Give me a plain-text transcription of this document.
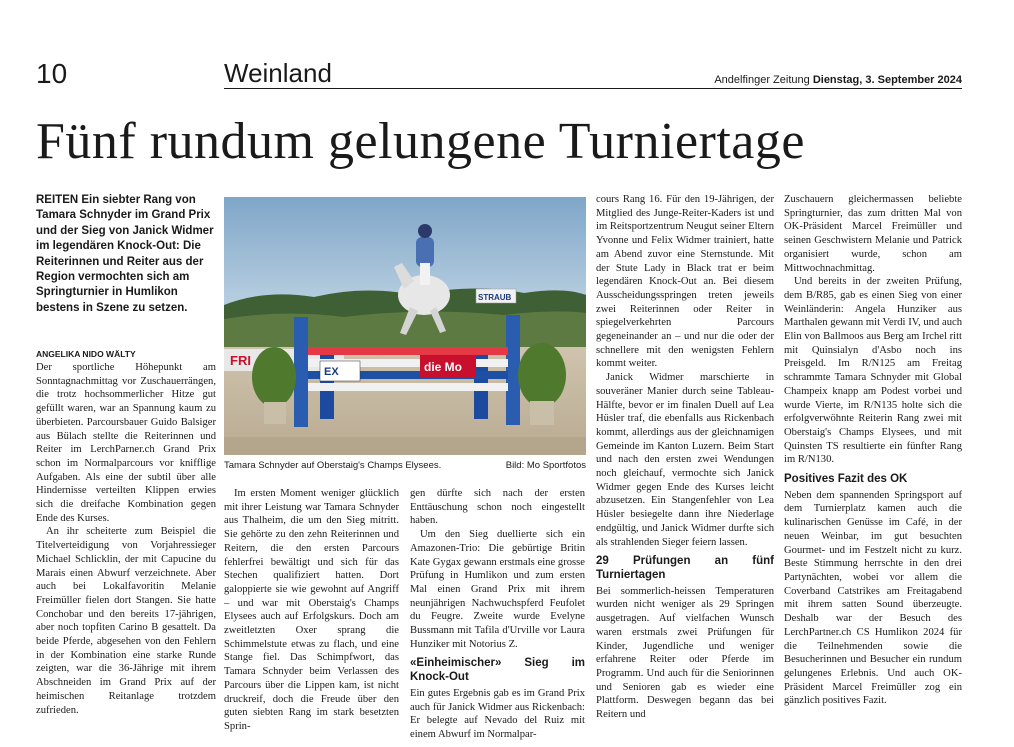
10	Weinland	Andelfinger Zeitung Dienstag, 3. September 2024
Fünf rundum gelungene Turniertage
REITEN Ein siebter Rang von Tamara Schnyder im Grand Prix und der Sieg von Janick Widmer im legendären Knock-Out: Die Reiterinnen und Reiter aus der Region vermochten sich am Springturnier in Humlikon bestens in Szene zu setzen.
ANGELIKA NIDO WÄLTY

Der sportliche Höhepunkt am Sonntagnachmittag vor Zuschauerrängen, die trotz hochsommerlicher Hitze gut gefüllt waren, war an Spannung kaum zu überbieten. Parcoursbauer Guido Balsiger aus Bülach stellte die Reiterinnen und Reiter im LerchParner.ch Grand Prix schon im Normalparcours vor knifflige Aufgaben. Als eine der subtil über alle Hindernisse verteilten Klippen erwies sich die dreifache Kombination gegen Ende des Kurses.

An ihr scheiterte zum Beispiel die Titelverteidigung von Vorjahressieger Michael Schlicklin, der mit Capucine du Marais einen Abwurf verzeichnete. Aber auch bei Lokalfavoritin Melanie Freimüller fielen dort Stangen. Sie hatte Conchobar und den bereits 17-jährigen, aber noch topfiten Carino B gesattelt. Da beide Pferde, abgesehen von den Fehlern in der Kombination eine starke Runde zeigten, war die 36-Jährige mit ihrem Abschneiden im Grand Prix auf der heimischen Reitanlage trotzdem zufrieden.

FRI
EX	die Mo
STRAUB
Tamara Schnyder auf Oberstaig's Champs Elysees.	Bild: Mo Sportfotos

Im ersten Moment weniger glücklich mit ihrer Leistung war Tamara Schnyder aus Thalheim, die um den Sieg mitritt. Sie gehörte zu den zehn Reiterinnen und Reitern, die den ersten Parcours fehlerfrei bewältigt und sich für das Stechen qualifiziert hatten. Dort galoppierte sie wie gewohnt auf Angriff – und war mit Oberstaig's Champs Elysees auch auf Erfolgskurs. Doch am zweitletzten Oxer sprang die Schimmelstute etwas zu flach, und eine Stange fiel. Das Schimpfwort, das Tamara Schnyder beim Verlassen des Parcours über die Lippen kam, ist nicht druckreif, doch die Freude über den guten siebten Rang im stark besetzten Sprin-

gen dürfte sich nach der ersten Enttäuschung schon noch eingestellt haben.

Um den Sieg duellierte sich ein Amazonen-Trio: Die gebürtige Britin Kate Gygax gewann erstmals eine grosse Prüfung in Humlikon und zum ersten Mal einen Grand Prix mit ihrem neunjährigen Nachwuchspferd Feufolet du Feugre. Zweite wurde Evelyne Bussmann mit Tafila d'Urville vor Laura Hunziker mit Notorius Z.

«Einheimischer» Sieg im Knock-Out

Ein gutes Ergebnis gab es im Grand Prix auch für Janick Widmer aus Rickenbach: Er belegte auf Nevado del Ruiz mit einem Abwurf im Normalpar-

cours Rang 16. Für den 19-Jährigen, der Mitglied des Junge-Reiter-Kaders ist und im Reitsportzentrum Neugut seiner Eltern Yvonne und Felix Widmer trainiert, hatte am Abend zuvor eine Sternstunde. Mit der Stute Lady in Black trat er beim legendären Knock-Out an. Bei diesem Ausscheidungsspringen treten jeweils zwei Reiterinnen oder Reiter in spiegelverkehrten Parcours gegeneinander an – und nur die oder der schnellere mit den wenigsten Fehlern kommt weiter.

Janick Widmer marschierte in souveräner Manier durch seine Tableau-Hälfte, bevor er im finalen Duell auf Lea Hüsler traf, die ebenfalls aus Rickenbach kommt, allerdings aus der gleichnamigen Gemeinde im Kanton Luzern. Beim Start und nach den ersten zwei Wendungen noch gleichauf, vermochte sich Janick Widmer gegen Ende des Kurses leicht abzusetzen. Ein Stangenfehler von Lea Hüsler besiegelte dann ihre Niederlage endgültig, und Janick Widmer durfte sich als strahlenden Sieger feiern lassen.

29 Prüfungen an fünf Turniertagen

Bei sommerlich-heissen Temperaturen wurden nicht weniger als 29 Springen ausgetragen. Auf vielfachen Wunsch waren erstmals zwei Prüfungen für Kinder, Jugendliche und weniger erfahrene Reiter oder Pferde im Programm. Und auch für die Seniorinnen und Senioren gab es wieder eine Plattform. Deswegen begann das bei Reitern und

Zuschauern gleichermassen beliebte Springturnier, das zum dritten Mal von OK-Präsident Marcel Freimüller und seinen Geschwistern Melanie und Patrick organisiert wurde, schon am Mittwochnachmittag.

Und bereits in der zweiten Prüfung, dem B/R85, gab es einen Sieg von einer Weinländerin: Angela Hunziker aus Marthalen gewann mit Verdi IV, und auch Elin von Ballmoos aus Berg am Irchel ritt mit Quinsialyn d'Asbo noch ins Preisgeld. Im R/N125 am Freitag schrammte Tamara Schnyder mit Global Champeix knapp am Podest vorbei und wurde Vierte, im R/N135 holte sich die erfolgverwöhnte Reiterin Rang zwei mit Oberstaig's Champs Elysees, und mit Quinsten TS resultierte ein fünfter Rang im R/N130.

Positives Fazit des OK

Neben dem spannenden Springsport auf dem Turnierplatz kamen auch die kulinarischen Genüsse im Café, in der neuen Weinbar, im gut besuchten Gourmet- und im Festzelt nicht zu kurz. Beste Stimmung herrschte in den drei Partynächten, wobei vor allem die Coverband Catstrikes am Freitagabend mit ihrem satten Sound überzeugte. Deshalb war der Besuch des LerchPartner.ch CS Humlikon 2024 für die Teilnehmenden sowie die Besucherinnen und Besucher ein rundum gelungenes Erlebnis. Und auch OK-Präsident Marcel Freimüller zog ein gänzlich positives Fazit.
